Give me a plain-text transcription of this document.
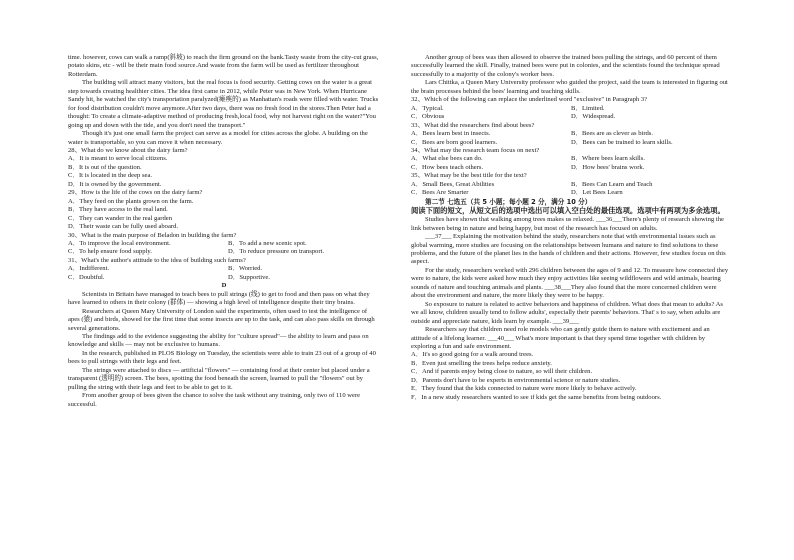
time. however, cows can walk a ramp(斜坡) to reach the firm ground on the bank.Tasty waste from the city-cut grass, potato skins, etc - will be their main food source.And waste from the farm will be used as fertilizer throughout Rotterdam.

The building will attract many visitors, but the real focus is food security. Getting cows on the water is a great step towards creating healthier cities. The idea first came in 2012, while Peter was in New York. When Hurricane Sandy hit, he watched the city's transportation paralyzed(瘫痪的) as Manhattan's roads were filled with water. Trucks for food distribution couldn't move anymore.After two days, there was no fresh food in the stores.Then Peter had a thought: To create a climate-adaptive method of producing fresh,local food, why not harvest right on the water?"You going up and down with the tide, and you don't need the transport."

Though it's just one small farm the project can serve as a model for cities across the globe. A building on the water is transportable, so you can move it when necessary.

28、What do we know about the dairy farm?

A．It is meant to serve local citizens.

B．It is out of the question.

C．It is located in the deep sea.

D．It is owned by the government.

29、How is the life of the cows on the dairy farm?

A．They feed on the plants grown on the farm.

B．They have access to the real land.

C．They can wander in the real garden

D．Their waste can be fully used aboard.

30、What is the main purpose of Beladon in building the farm?

A．To improve the local environment.	B．To add a new scenic spot.
C．To help ensure food supply.	D．To reduce pressure on transport.

31、What's the author's attitude to the idea of building such farms?

A．Indifferent.	B．Worried.
C．Doubtful.	D．Supportive.

D

Scientists in Britain have managed to teach bees to pull strings (线) to get to food and then pass on what they have learned to others in their colony (群体) — showing a high level of intelligence despite their tiny brains.

Researchers at Queen Mary University of London said the experiments, often used to test the intelligence of apes (猿) and birds, showed for the first time that some insects are up to the task, and can also pass skills on through several generations.

The findings add to the evidence suggesting the ability for "culture spread"— the ability to learn and pass on knowledge and skills — may not be exclusive to humans.

In the research, published in PLOS Biology on Tuesday, the scientists were able to train 23 out of a group of 40 bees to pull strings with their legs and feet.

The strings were attached to discs — artificial "flowers" — containing food at their center but placed under a transparent (透明的) screen. The bees, spotting the food beneath the screen, learned to pull the "flowers" out by pulling the string with their legs and feet to be able to get to it.

From another group of bees given the chance to solve the task without any training, only two of 110 were successful.

Another group of bees was then allowed to observe the trained bees pulling the strings, and 60 percent of them successfully learned the skill. Finally, trained bees were put in colonies, and the scientists found the technique spread successfully to a majority of the colony's worker bees.

Lars Chittka, a Queen Mary University professor who guided the project, said the team is interested in figuring out the brain processes behind the bees' learning and teaching skills.

32、Which of the following can replace the underlined word "exclusive" in Paragraph 3?

A．Typical.	B．Limited.
C．Obvious	D．Widespread.

33、What did the researchers find about bees?

A．Bees learn best in insects.	B．Bees are as clever as birds.
C．Bees are born good learners.	D．Bees can be trained to learn skills.

34、What may the research team focus on next?

A．What else bees can do.	B．Where bees learn skills.
C．How bees teach others.	D．How bees' brains work.

35、What may be the best title for the text?

A．Small Bees, Great Abilities	B．Bees Can Learn and Teach
C．Bees Are Smarter	D．Let Bees Learn

第二节 七选五（共 5 小题；每小题 2 分，满分 10 分）

阅读下面的短文，从短文后的选项中选出可以填入空白处的最佳选项。选项中有两项为多余选项。

Studies have shown that walking among trees makes us relaxed. ___36___There's plenty of research showing the link between being in nature and being happy, but most of the research has focused on adults.

___37___ Explaining the motivation behind the study, researchers note that with environmental issues such as global warming, more studies are focusing on the relationships between humans and nature to find solutions to these problems, and the future of the planet lies in the hands of children and their actions. However, few studies focus on this aspect.

For the study, researchers worked with 296 children between the ages of 9 and 12. To measure how connected they were to nature, the kids were asked how much they enjoy activities like seeing wildflowers and wild animals, hearing sounds of nature and touching animals and plants. ___38___They also found that the more concerned children were about the environment and nature, the more likely they were to be happy.

So exposure to nature is related to active behaviors and happiness of children. What does that mean to adults? As we all know, children usually tend to follow adults', especially their parents' behaviors. That' s to say, when adults are outside and appreciate nature, kids learn by example. ___39___

Researchers say that children need role models who can gently guide them to nature with excitement and an attitude of a lifelong learner. ___40___ What's more important is that they spend time together with children by exploring a fun and safe environment.

A．It's so good going for a walk around trees.

B．Even just smelling the trees helps reduce anxiety.

C．And if parents enjoy being close to nature, so will their children.

D．Parents don't have to be experts in environmental science or nature studies.

E．They found that the kids connected to nature were more likely to behave actively.

F．In a new study researchers wanted to see if kids get the same benefits from being outdoors.
